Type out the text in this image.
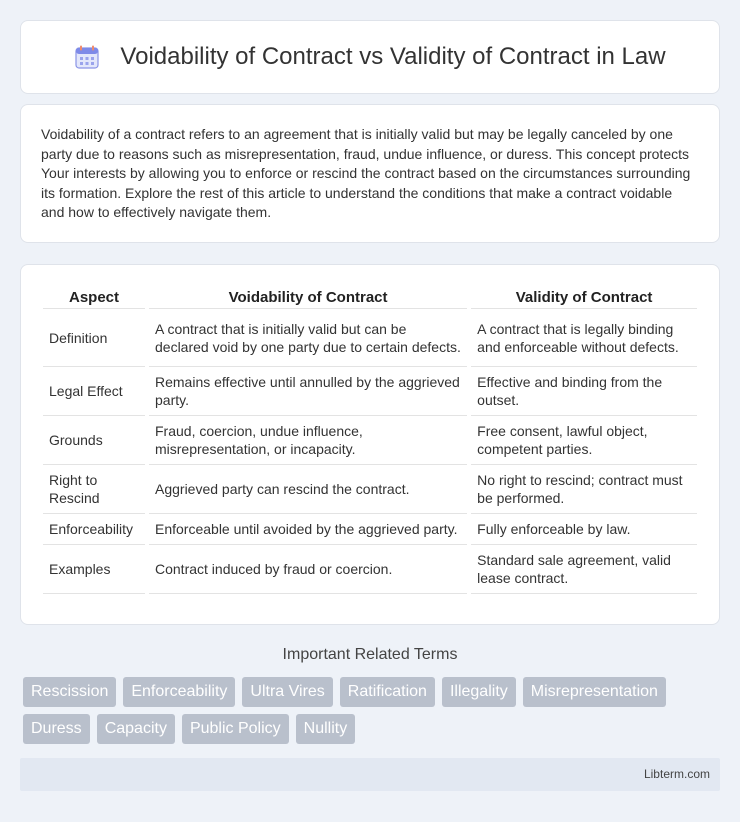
Voidability of Contract vs Validity of Contract in Law

Voidability of a contract refers to an agreement that is initially valid but may be legally canceled by one party due to reasons such as misrepresentation, fraud, undue influence, or duress. This concept protects Your interests by allowing you to enforce or rescind the contract based on the circumstances surrounding its formation. Explore the rest of this article to understand the conditions that make a contract voidable and how to effectively navigate them.

Aspect	Voidability of Contract	Validity of Contract
Definition	A contract that is initially valid but can be declared void by one party due to certain defects.	A contract that is legally binding and enforceable without defects.
Legal Effect	Remains effective until annulled by the aggrieved party.	Effective and binding from the outset.
Grounds	Fraud, coercion, undue influence, misrepresentation, or incapacity.	Free consent, lawful object, competent parties.
Right to Rescind	Aggrieved party can rescind the contract.	No right to rescind; contract must be performed.
Enforceability	Enforceable until avoided by the aggrieved party.	Fully enforceable by law.
Examples	Contract induced by fraud or coercion.	Standard sale agreement, valid lease contract.
Important Related Terms
Rescission	Enforceability	Ultra Vires	Ratification	Illegality	Misrepresentation
Duress	Capacity	Public Policy	Nullity
Libterm.com
